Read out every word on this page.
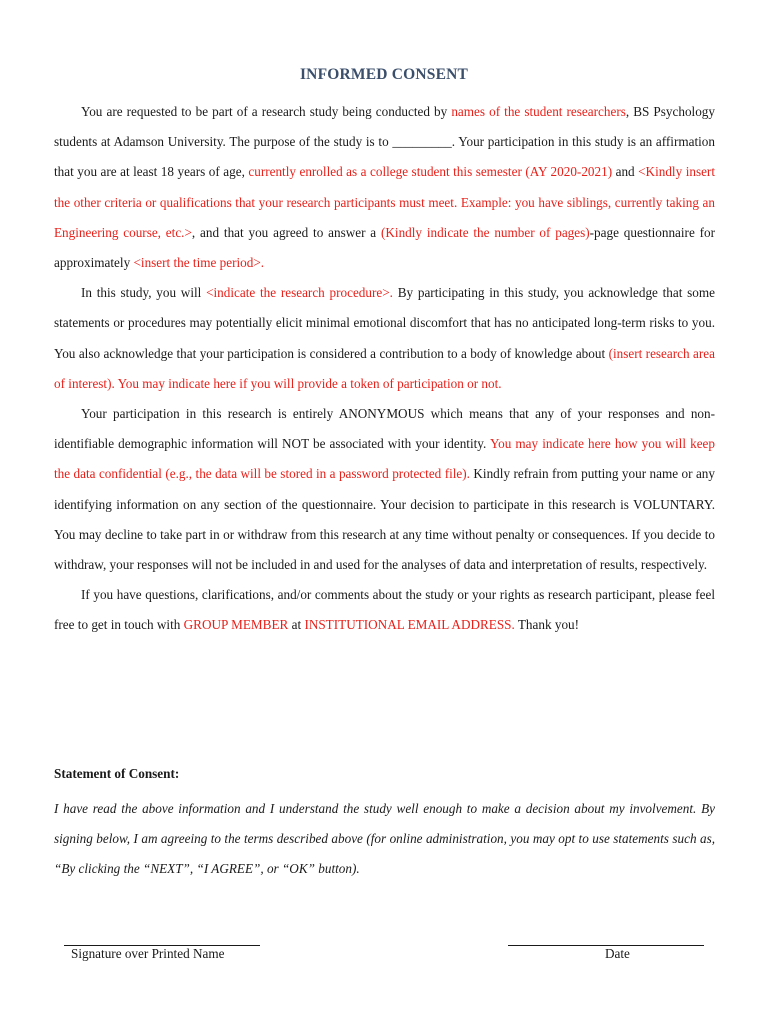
INFORMED CONSENT

You are requested to be part of a research study being conducted by names of the student researchers, BS Psychology students at Adamson University. The purpose of the study is to _________. Your participation in this study is an affirmation that you are at least 18 years of age, currently enrolled as a college student this semester (AY 2020-2021) and <Kindly insert the other criteria or qualifications that your research participants must meet. Example: you have siblings, currently taking an Engineering course, etc.>, and that you agreed to answer a (Kindly indicate the number of pages)-page questionnaire for approximately <insert the time period>.

In this study, you will <indicate the research procedure>. By participating in this study, you acknowledge that some statements or procedures may potentially elicit minimal emotional discomfort that has no anticipated long-term risks to you. You also acknowledge that your participation is considered a contribution to a body of knowledge about (insert research area of interest). You may indicate here if you will provide a token of participation or not.

Your participation in this research is entirely ANONYMOUS which means that any of your responses and non-identifiable demographic information will NOT be associated with your identity. You may indicate here how you will keep the data confidential (e.g., the data will be stored in a password protected file). Kindly refrain from putting your name or any identifying information on any section of the questionnaire. Your decision to participate in this research is VOLUNTARY. You may decline to take part in or withdraw from this research at any time without penalty or consequences. If you decide to withdraw, your responses will not be included in and used for the analyses of data and interpretation of results, respectively.

If you have questions, clarifications, and/or comments about the study or your rights as research participant, please feel free to get in touch with GROUP MEMBER at INSTITUTIONAL EMAIL ADDRESS. Thank you!

Statement of Consent:
I have read the above information and I understand the study well enough to make a decision about my involvement. By signing below, I am agreeing to the terms described above (for online administration, you may opt to use statements such as, “By clicking the “NEXT”, “I AGREE”, or “OK” button).
Signature over Printed Name	Date
